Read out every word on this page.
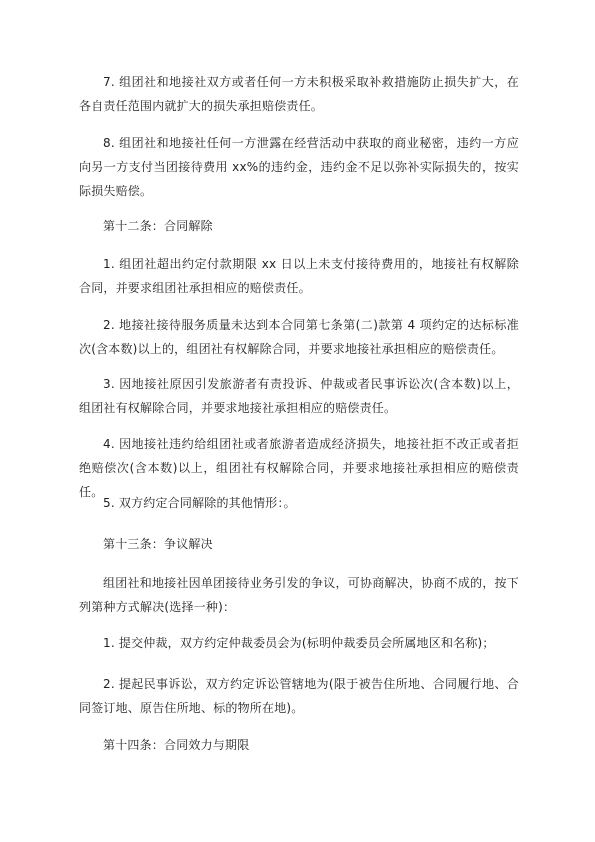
7. 组团社和地接社双方或者任何一方未积极采取补救措施防止损失扩大，在各自责任范围内就扩大的损失承担赔偿责任。

8. 组团社和地接社任何一方泄露在经营活动中获取的商业秘密，违约一方应向另一方支付当团接待费用 xx%的违约金，违约金不足以弥补实际损失的，按实际损失赔偿。

第十二条：合同解除

1. 组团社超出约定付款期限 xx 日以上未支付接待费用的，地接社有权解除合同，并要求组团社承担相应的赔偿责任。

2. 地接社接待服务质量未达到本合同第七条第(二)款第 4 项约定的达标标准次(含本数)以上的，组团社有权解除合同，并要求地接社承担相应的赔偿责任。

3. 因地接社原因引发旅游者有责投诉、仲裁或者民事诉讼次(含本数)以上，组团社有权解除合同，并要求地接社承担相应的赔偿责任。

4. 因地接社违约给组团社或者旅游者造成经济损失，地接社拒不改正或者拒绝赔偿次(含本数)以上，组团社有权解除合同，并要求地接社承担相应的赔偿责任。

5. 双方约定合同解除的其他情形：。

第十三条：争议解决

组团社和地接社因单团接待业务引发的争议，可协商解决，协商不成的，按下列第种方式解决(选择一种)：

1. 提交仲裁，双方约定仲裁委员会为(标明仲裁委员会所属地区和名称)；

2. 提起民事诉讼，双方约定诉讼管辖地为(限于被告住所地、合同履行地、合同签订地、原告住所地、标的物所在地)。

第十四条：合同效力与期限
